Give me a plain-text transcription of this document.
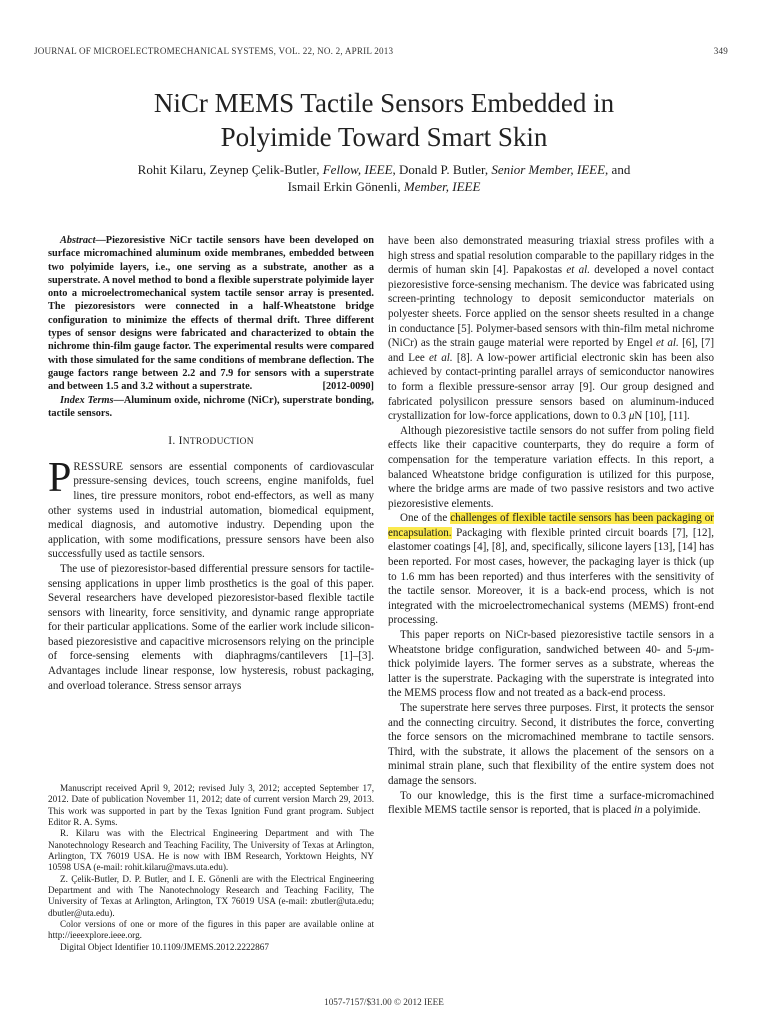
JOURNAL OF MICROELECTROMECHANICAL SYSTEMS, VOL. 22, NO. 2, APRIL 2013	349
NiCr MEMS Tactile Sensors Embedded in
Polyimide Toward Smart Skin
Rohit Kilaru, Zeynep Çelik-Butler, Fellow, IEEE, Donald P. Butler, Senior Member, IEEE, and
Ismail Erkin Gönenli, Member, IEEE

Abstract—Piezoresistive NiCr tactile sensors have been developed on surface micromachined aluminum oxide membranes, embedded between two polyimide layers, i.e., one serving as a substrate, another as a superstrate. A novel method to bond a flexible superstrate polyimide layer onto a microelectromechanical system tactile sensor array is presented. The piezoresistors were connected in a half-Wheatstone bridge configuration to minimize the effects of thermal drift. Three different types of sensor designs were fabricated and characterized to obtain the nichrome thin-film gauge factor. The experimental results were compared with those simulated for the same conditions of membrane deflection. The gauge factors range between 2.2 and 7.9 for sensors with a superstrate and between 1.5 and 3.2 without a superstrate.	[2012-0090]

Index Terms—Aluminum oxide, nichrome (NiCr), superstrate bonding, tactile sensors.

I. INTRODUCTION

PRESSURE sensors are essential components of cardiovascular pressure-sensing devices, touch screens, engine manifolds, fuel lines, tire pressure monitors, robot end-effectors, as well as many other systems used in industrial automation, biomedical equipment, medical diagnosis, and automotive industry. Depending upon the application, with some modifications, pressure sensors have been also successfully used as tactile sensors.

The use of piezoresistor-based differential pressure sensors for tactile-sensing applications in upper limb prosthetics is the goal of this paper. Several researchers have developed piezoresistor-based flexible tactile sensors with linearity, force sensitivity, and dynamic range appropriate for their particular applications. Some of the earlier work include silicon-based piezoresistive and capacitive microsensors relying on the principle of force-sensing elements with diaphragms/cantilevers [1]–[3]. Advantages include linear response, low hysteresis, robust packaging, and overload tolerance. Stress sensor arrays

Manuscript received April 9, 2012; revised July 3, 2012; accepted September 17, 2012. Date of publication November 11, 2012; date of current version March 29, 2013. This work was supported in part by the Texas Ignition Fund grant program. Subject Editor R. A. Syms.

R. Kilaru was with the Electrical Engineering Department and with The Nanotechnology Research and Teaching Facility, The University of Texas at Arlington, Arlington, TX 76019 USA. He is now with IBM Research, Yorktown Heights, NY 10598 USA (e-mail: rohit.kilaru@mavs.uta.edu).

Z. Çelik-Butler, D. P. Butler, and I. E. Gönenli are with the Electrical Engineering Department and with The Nanotechnology Research and Teaching Facility, The University of Texas at Arlington, Arlington, TX 76019 USA (e-mail: zbutler@uta.edu; dbutler@uta.edu).

Color versions of one or more of the figures in this paper are available online at http://ieeexplore.ieee.org.

Digital Object Identifier 10.1109/JMEMS.2012.2222867

have been also demonstrated measuring triaxial stress profiles with a high stress and spatial resolution comparable to the papillary ridges in the dermis of human skin [4]. Papakostas et al. developed a novel contact piezoresistive force-sensing mechanism. The device was fabricated using screen-printing technology to deposit semiconductor materials on polyester sheets. Force applied on the sensor sheets resulted in a change in conductance [5]. Polymer-based sensors with thin-film metal nichrome (NiCr) as the strain gauge material were reported by Engel et al. [6], [7] and Lee et al. [8]. A low-power artificial electronic skin has been also achieved by contact-printing parallel arrays of semiconductor nanowires to form a flexible pressure-sensor array [9]. Our group designed and fabricated polysilicon pressure sensors based on aluminum-induced crystallization for low-force applications, down to 0.3 μN [10], [11].

Although piezoresistive tactile sensors do not suffer from poling field effects like their capacitive counterparts, they do require a form of compensation for the temperature variation effects. In this report, a balanced Wheatstone bridge configuration is utilized for this purpose, where the bridge arms are made of two passive resistors and two active piezoresistive elements.

One of the challenges of flexible tactile sensors has been packaging or encapsulation. Packaging with flexible printed circuit boards [7], [12], elastomer coatings [4], [8], and, specifically, silicone layers [13], [14] has been reported. For most cases, however, the packaging layer is thick (up to 1.6 mm has been reported) and thus interferes with the sensitivity of the tactile sensor. Moreover, it is a back-end process, which is not integrated with the microelectromechanical systems (MEMS) front-end processing.

This paper reports on NiCr-based piezoresistive tactile sensors in a Wheatstone bridge configuration, sandwiched between 40- and 5-μm-thick polyimide layers. The former serves as a substrate, whereas the latter is the superstrate. Packaging with the superstrate is integrated into the MEMS process flow and not treated as a back-end process.

The superstrate here serves three purposes. First, it protects the sensor and the connecting circuitry. Second, it distributes the force, converting the force sensors on the micromachined membrane to tactile sensors. Third, with the substrate, it allows the placement of the sensors on a minimal strain plane, such that flexibility of the entire system does not damage the sensors.

To our knowledge, this is the first time a surface-micromachined flexible MEMS tactile sensor is reported, that is placed in a polyimide.

1057-7157/$31.00 © 2012 IEEE
